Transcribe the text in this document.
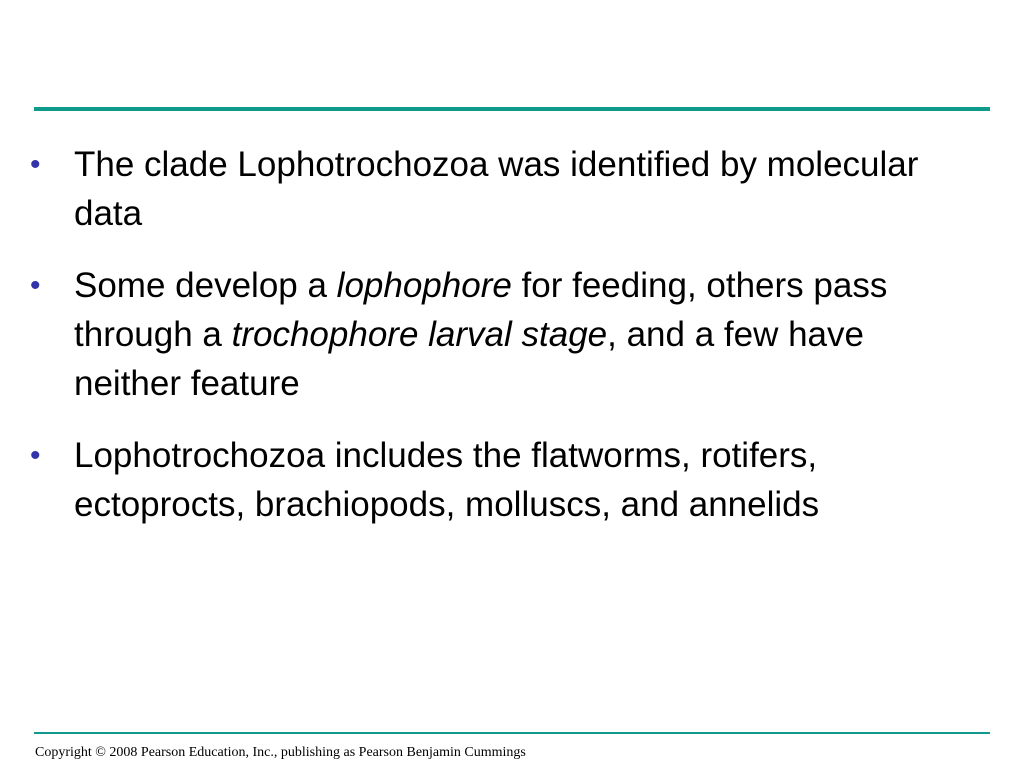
• The clade Lophotrochozoa was identified by molecular data
• Some develop a lophophore for feeding, others pass through a trochophore larval stage, and a few have neither feature
• Lophotrochozoa includes the flatworms, rotifers, ectoprocts, brachiopods, molluscs, and annelids
Copyright © 2008 Pearson Education, Inc., publishing as Pearson Benjamin Cummings
